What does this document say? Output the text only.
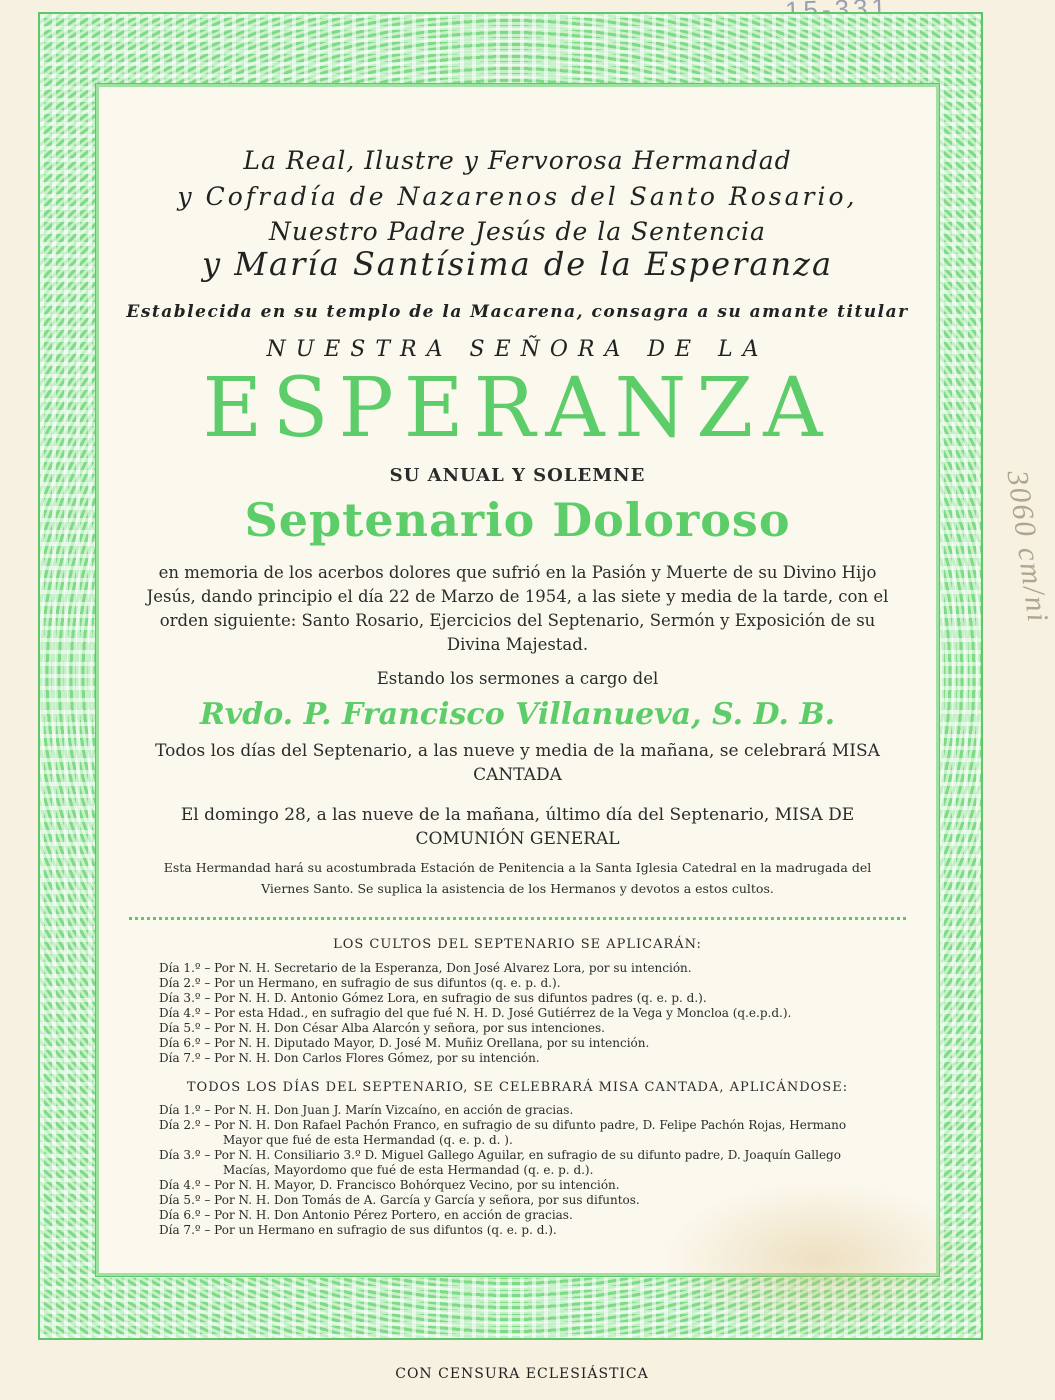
3060 cm/ni

La Real, Ilustre y Fervorosa Hermandad

y Cofradía de Nazarenos del Santo Rosario,

Nuestro Padre Jesús de la Sentencia

y María Santísima de la Esperanza

Establecida en su templo de la Macarena, consagra a su amante titular

NUESTRA SEÑORA DE LA

ESPERANZA
SU ANUAL Y SOLEMNE
Septenario Doloroso
en memoria de los acerbos dolores que sufrió en la Pasión y Muerte de su Divino Hijo Jesús, dando principio el día 22 de Marzo de 1954, a las siete y media de la tarde, con el orden siguiente: Santo Rosario, Ejercicios del Septenario, Sermón y Exposición de su Divina Majestad.
Estando los sermones a cargo del
Rvdo. P. Francisco Villanueva, S. D. B.
Todos los días del Septenario, a las nueve y media de la mañana, se celebrará MISA CANTADA
El domingo 28, a las nueve de la mañana, último día del Septenario, MISA DE COMUNIÓN GENERAL
Esta Hermandad hará su acostumbrada Estación de Penitencia a la Santa Iglesia Catedral en la madrugada del Viernes Santo. Se suplica la asistencia de los Hermanos y devotos a estos cultos.
LOS CULTOS DEL SEPTENARIO SE APLICARÁN:
Día 1.º – Por N. H. Secretario de la Esperanza, Don José Alvarez Lora, por su intención.
Día 2.º – Por un Hermano, en sufragio de sus difuntos (q. e. p. d.).
Día 3.º – Por N. H. D. Antonio Gómez Lora, en sufragio de sus difuntos padres (q. e. p. d.).
Día 4.º – Por esta Hdad., en sufragio del que fué N. H. D. José Gutiérrez de la Vega y Moncloa (q.e.p.d.).
Día 5.º – Por N. H. Don César Alba Alarcón y señora, por sus intenciones.
Día 6.º – Por N. H. Diputado Mayor, D. José M. Muñiz Orellana, por su intención.
Día 7.º – Por N. H. Don Carlos Flores Gómez, por su intención.
TODOS LOS DÍAS DEL SEPTENARIO, SE CELEBRARÁ MISA CANTADA, APLICÁNDOSE:
Día 1.º – Por N. H. Don Juan J. Marín Vizcaíno, en acción de gracias.
Día 2.º – Por N. H. Don Rafael Pachón Franco, en sufragio de su difunto padre, D. Felipe Pachón Rojas, Hermano Mayor que fué de esta Hermandad (q. e. p. d. ).
Día 3.º – Por N. H. Consiliario 3.º D. Miguel Gallego Aguilar, en sufragio de su difunto padre, D. Joaquín Gallego Macías, Mayordomo que fué de esta Hermandad (q. e. p. d.).
Día 4.º – Por N. H. Mayor, D. Francisco Bohórquez Vecino, por su intención.
Día 5.º – Por N. H. Don Tomás de A. García y García y señora, por sus difuntos.
Día 6.º – Por N. H. Don Antonio Pérez Portero, en acción de gracias.
Día 7.º – Por un Hermano en sufragio de sus difuntos (q. e. p. d.).
CON CENSURA ECLESIÁSTICA
